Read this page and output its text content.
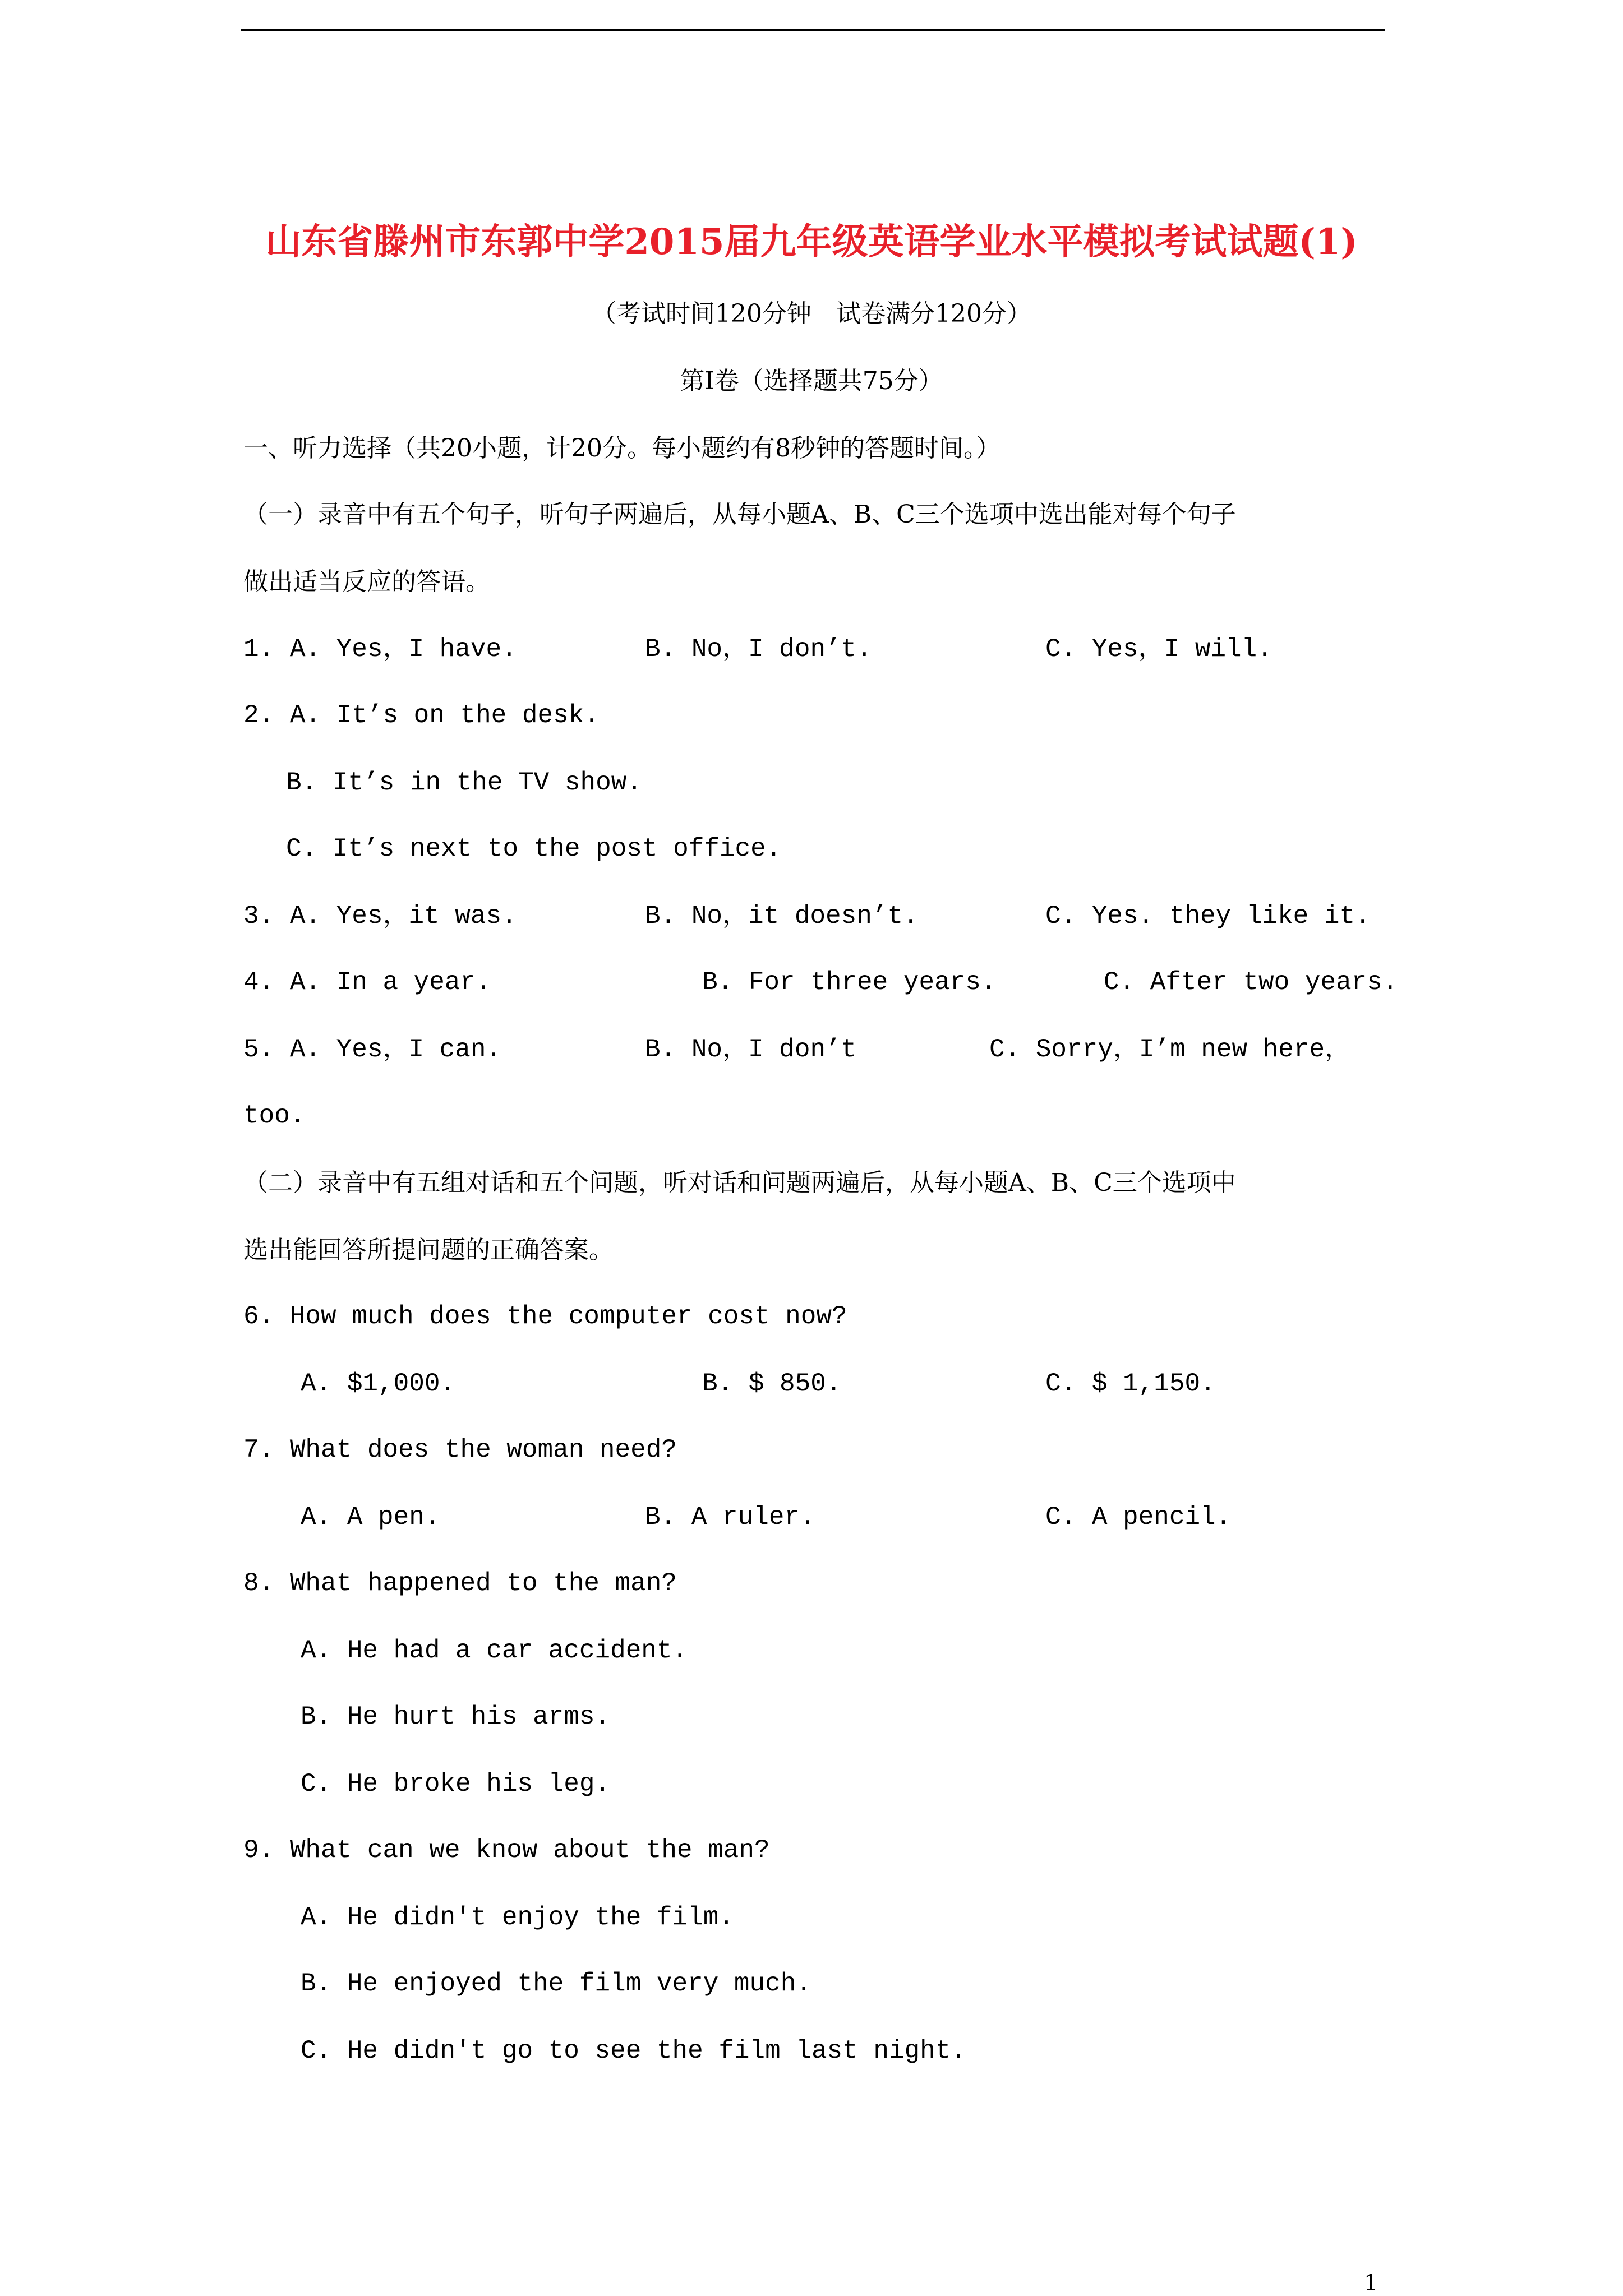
山东省滕州市东郭中学2015届九年级英语学业水平模拟考试试题(1)
（考试时间120分钟　试卷满分120分）
第Ⅰ卷（选择题共75分）
一、听力选择（共20小题，计20分。每小题约有8秒钟的答题时间。）
（一）录音中有五个句子，听句子两遍后，从每小题A、B、C三个选项中选出能对每个句子
做出适当反应的答语。
1. A. Yes，I have.	B. No，I don’t.	C. Yes，I will.
2. A. It’s on the desk.
B. It’s in the TV show.
C. It’s next to the post office.
3. A. Yes，it was.	B. No，it doesn’t.	C. Yes. they like it.
4. A. In a year.	B. For three years.	C. After two years.
5. A. Yes，I can.	B. No，I don’t	C. Sorry，I’m new here，
too.
（二）录音中有五组对话和五个问题，听对话和问题两遍后，从每小题A、B、C三个选项中
选出能回答所提问题的正确答案。
6. How much does the computer cost now?
A. $1,000.	B. $ 850.	C. $ 1,150.
7. What does the woman need?
A. A pen.	B. A ruler.	C. A pencil.
8. What happened to the man?
A. He had a car accident.
B. He hurt his arms.
C. He broke his leg.
9. What can we know about the man?
A. He didn't enjoy the film.
B. He enjoyed the film very much.
C. He didn't go to see the film last night.
1
